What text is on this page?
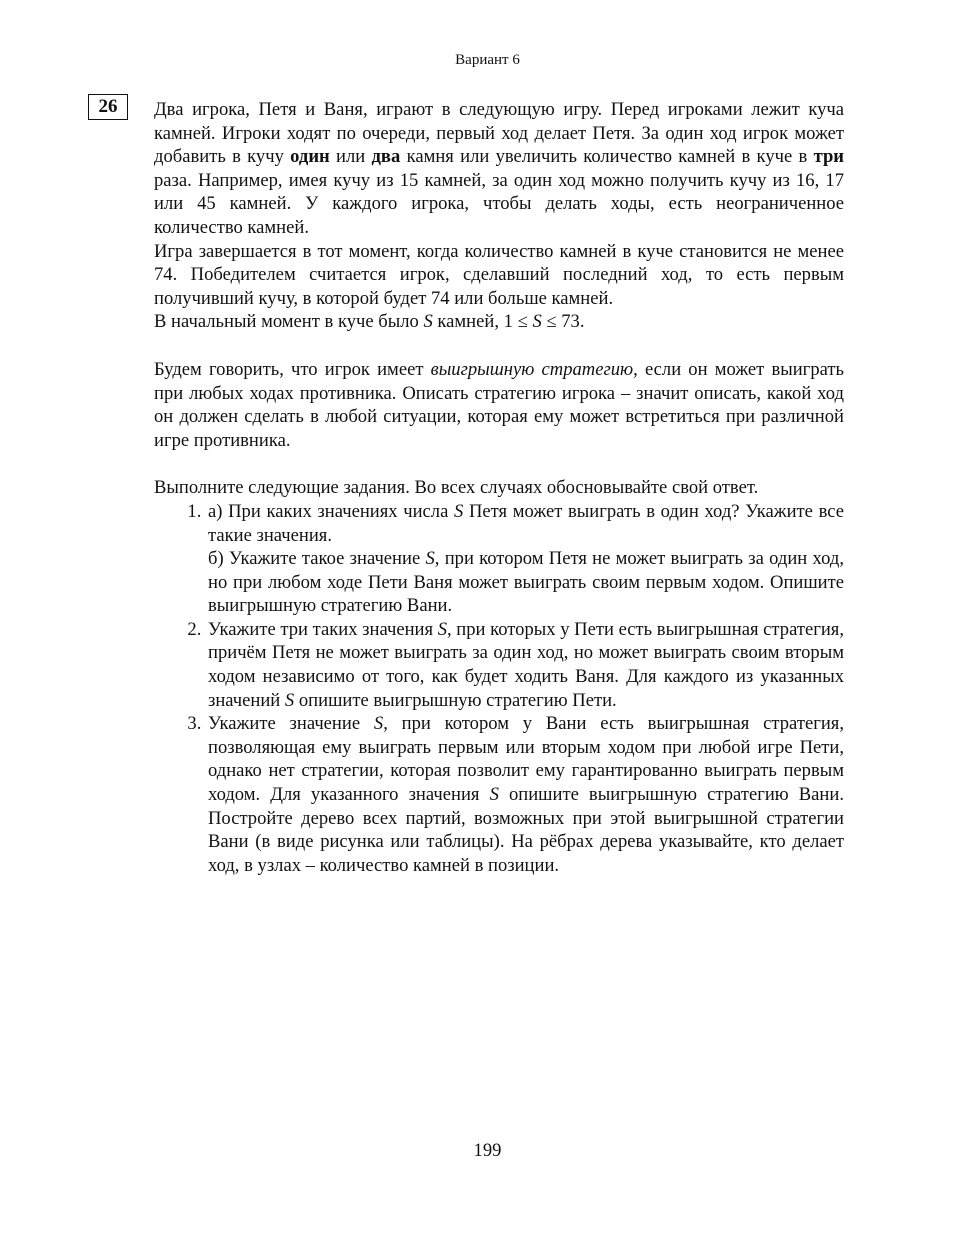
Вариант 6
26	Два игрока, Петя и Ваня, играют в следующую игру. Перед игроками лежит куча камней. Игроки ходят по очереди, первый ход делает Петя. За один ход игрок может добавить в кучу один или два камня или увеличить количество камней в куче в три раза. Например, имея кучу из 15 камней, за один ход можно получить кучу из 16, 17 или 45 камней. У каждого игрока, чтобы делать ходы, есть неограниченное количество камней.

Игра завершается в тот момент, когда количество камней в куче становится не менее 74. Победителем считается игрок, сделавший последний ход, то есть первым получивший кучу, в которой будет 74 или больше камней.

В начальный момент в куче было S камней, 1 ≤ S ≤ 73.

Будем говорить, что игрок имеет выигрышную стратегию, если он может выиграть при любых ходах противника. Описать стратегию игрока – значит описать, какой ход он должен сделать в любой ситуации, которая ему может встретиться при различной игре противника.

Выполните следующие задания. Во всех случаях обосновывайте свой ответ.

1. а) При каких значениях числа S Петя может выиграть в один ход? Укажите все такие значения.

б) Укажите такое значение S, при котором Петя не может выиграть за один ход, но при любом ходе Пети Ваня может выиграть своим первым ходом. Опишите выигрышную стратегию Вани.

2. Укажите три таких значения S, при которых у Пети есть выигрышная стратегия, причём Петя не может выиграть за один ход, но может выиграть своим вторым ходом независимо от того, как будет ходить Ваня. Для каждого из указанных значений S опишите выигрышную стратегию Пети.

3. Укажите значение S, при котором у Вани есть выигрышная стратегия, позволяющая ему выиграть первым или вторым ходом при любой игре Пети, однако нет стратегии, которая позволит ему гарантированно выиграть первым ходом. Для указанного значения S опишите выигрышную стратегию Вани. Постройте дерево всех партий, возможных при этой выигрышной стратегии Вани (в виде рисунка или таблицы). На рёбрах дерева указывайте, кто делает ход, в узлах – количество камней в позиции.

199
